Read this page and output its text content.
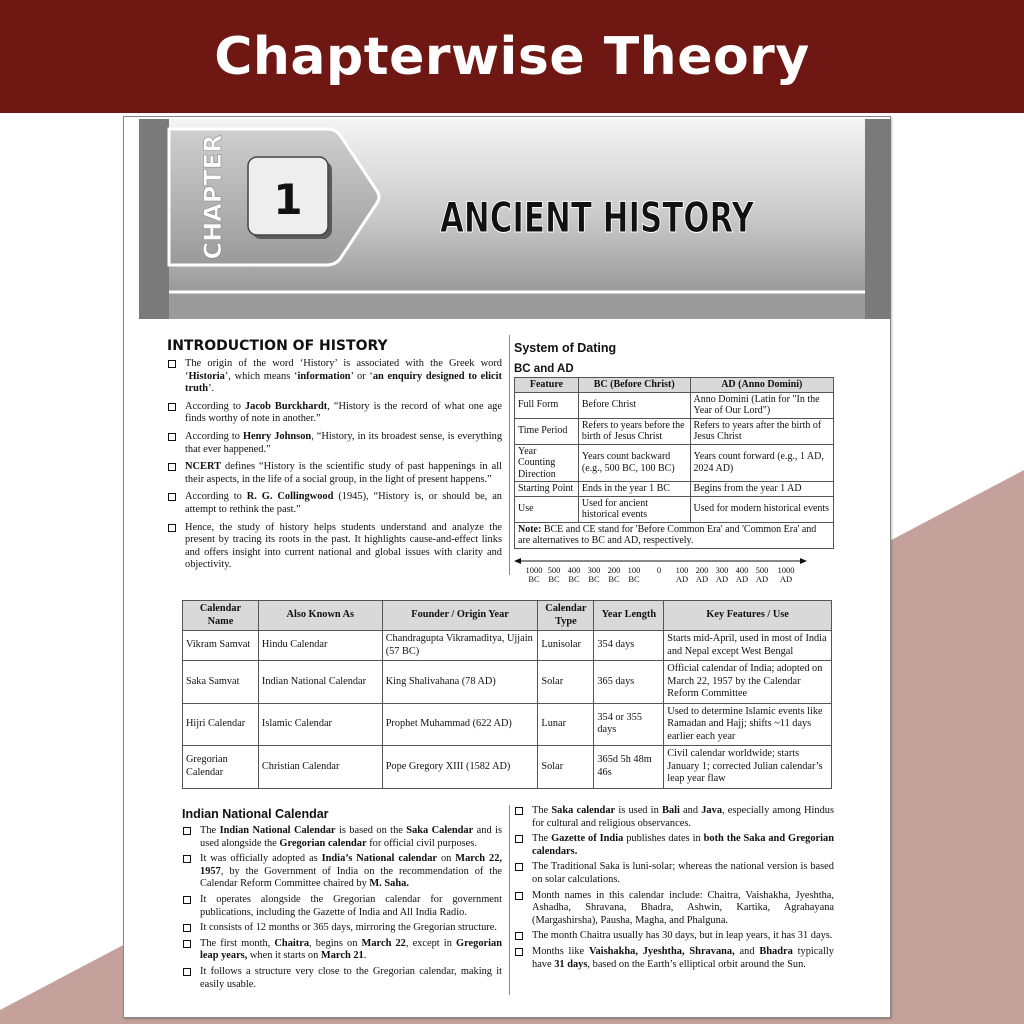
Chapterwise Theory
1
CHAPTER	ANCIENT HISTORY

INTRODUCTION OF HISTORY

The origin of the word ‘History’ is associated with the Greek word ‘Historia’, which means ‘information’ or ‘an enquiry designed to elicit truth’.
According to Jacob Burckhardt, “History is the record of what one age finds worthy of note in another.”
According to Henry Johnson, “History, in its broadest sense, is everything that ever happened.”
NCERT defines “History is the scientific study of past happenings in all their aspects, in the life of a social group, in the light of present happens.”
According to R. G. Collingwood (1945), “History is, or should be, an attempt to rethink the past.”
Hence, the study of history helps students understand and analyze the present by tracing its roots in the past. It highlights cause-and-effect links and offers insight into current national and global issues with clarity and objectivity.

System of Dating

BC and AD

Feature	BC (Before Christ)	AD (Anno Domini)
Full Form	Before Christ	Anno Domini (Latin for "In the Year of Our Lord")
Time Period	Refers to years before the birth of Jesus Christ	Refers to years after the birth of Jesus Christ
Year Counting Direction	Years count backward (e.g., 500 BC, 100 BC)	Years count forward (e.g., 1 AD, 2024 AD)
Starting Point	Ends in the year 1 BC	Begins from the year 1 AD
Use	Used for ancient historical events	Used for modern historical events
Note: BCE and CE stand for 'Before Common Era' and 'Common Era' and are alternatives to BC and AD, respectively.		
1000
BC
500
BC
400
BC
300
BC
200
BC
100
BC
0	100
AD
200
AD
300
AD
400
AD
500
AD
1000
AD
Calendar Name	Also Known As	Founder / Origin Year	Calendar Type	Year Length	Key Features / Use
Vikram Samvat	Hindu Calendar	Chandragupta Vikramaditya, Ujjain (57 BC)	Lunisolar	354 days	Starts mid-April, used in most of India and Nepal except West Bengal
Saka Samvat	Indian National Calendar	King Shalivahana (78 AD)	Solar	365 days	Official calendar of India; adopted on March 22, 1957 by the Calendar Reform Committee
Hijri Calendar	Islamic Calendar	Prophet Muhammad (622 AD)	Lunar	354 or 355 days	Used to determine Islamic events like Ramadan and Hajj; shifts ~11 days earlier each year
Gregorian Calendar	Christian Calendar	Pope Gregory XIII (1582 AD)	Solar	365d 5h 48m 46s	Civil calendar worldwide; starts January 1; corrected Julian calendar’s leap year flaw

Indian National Calendar

The Indian National Calendar is based on the Saka Calendar and is used alongside the Gregorian calendar for official civil purposes.
It was officially adopted as India’s National calendar on March 22, 1957, by the Government of India on the recommendation of the Calendar Reform Committee chaired by M. Saha.
It operates alongside the Gregorian calendar for government publications, including the Gazette of India and All India Radio.
It consists of 12 months or 365 days, mirroring the Gregorian structure.
The first month, Chaitra, begins on March 22, except in Gregorian leap years, when it starts on March 21.
It follows a structure very close to the Gregorian calendar, making it easily usable.
The Saka calendar is used in Bali and Java, especially among Hindus for cultural and religious observances.
The Gazette of India publishes dates in both the Saka and Gregorian calendars.
The Traditional Saka is luni-solar; whereas the national version is based on solar calculations.
Month names in this calendar include: Chaitra, Vaishakha, Jyeshtha, Ashadha, Shravana, Bhadra, Ashwin, Kartika, Agrahayana (Margashirsha), Pausha, Magha, and Phalguna.
The month Chaitra usually has 30 days, but in leap years, it has 31 days.
Months like Vaishakha, Jyeshtha, Shravana, and Bhadra typically have 31 days, based on the Earth’s elliptical orbit around the Sun.
